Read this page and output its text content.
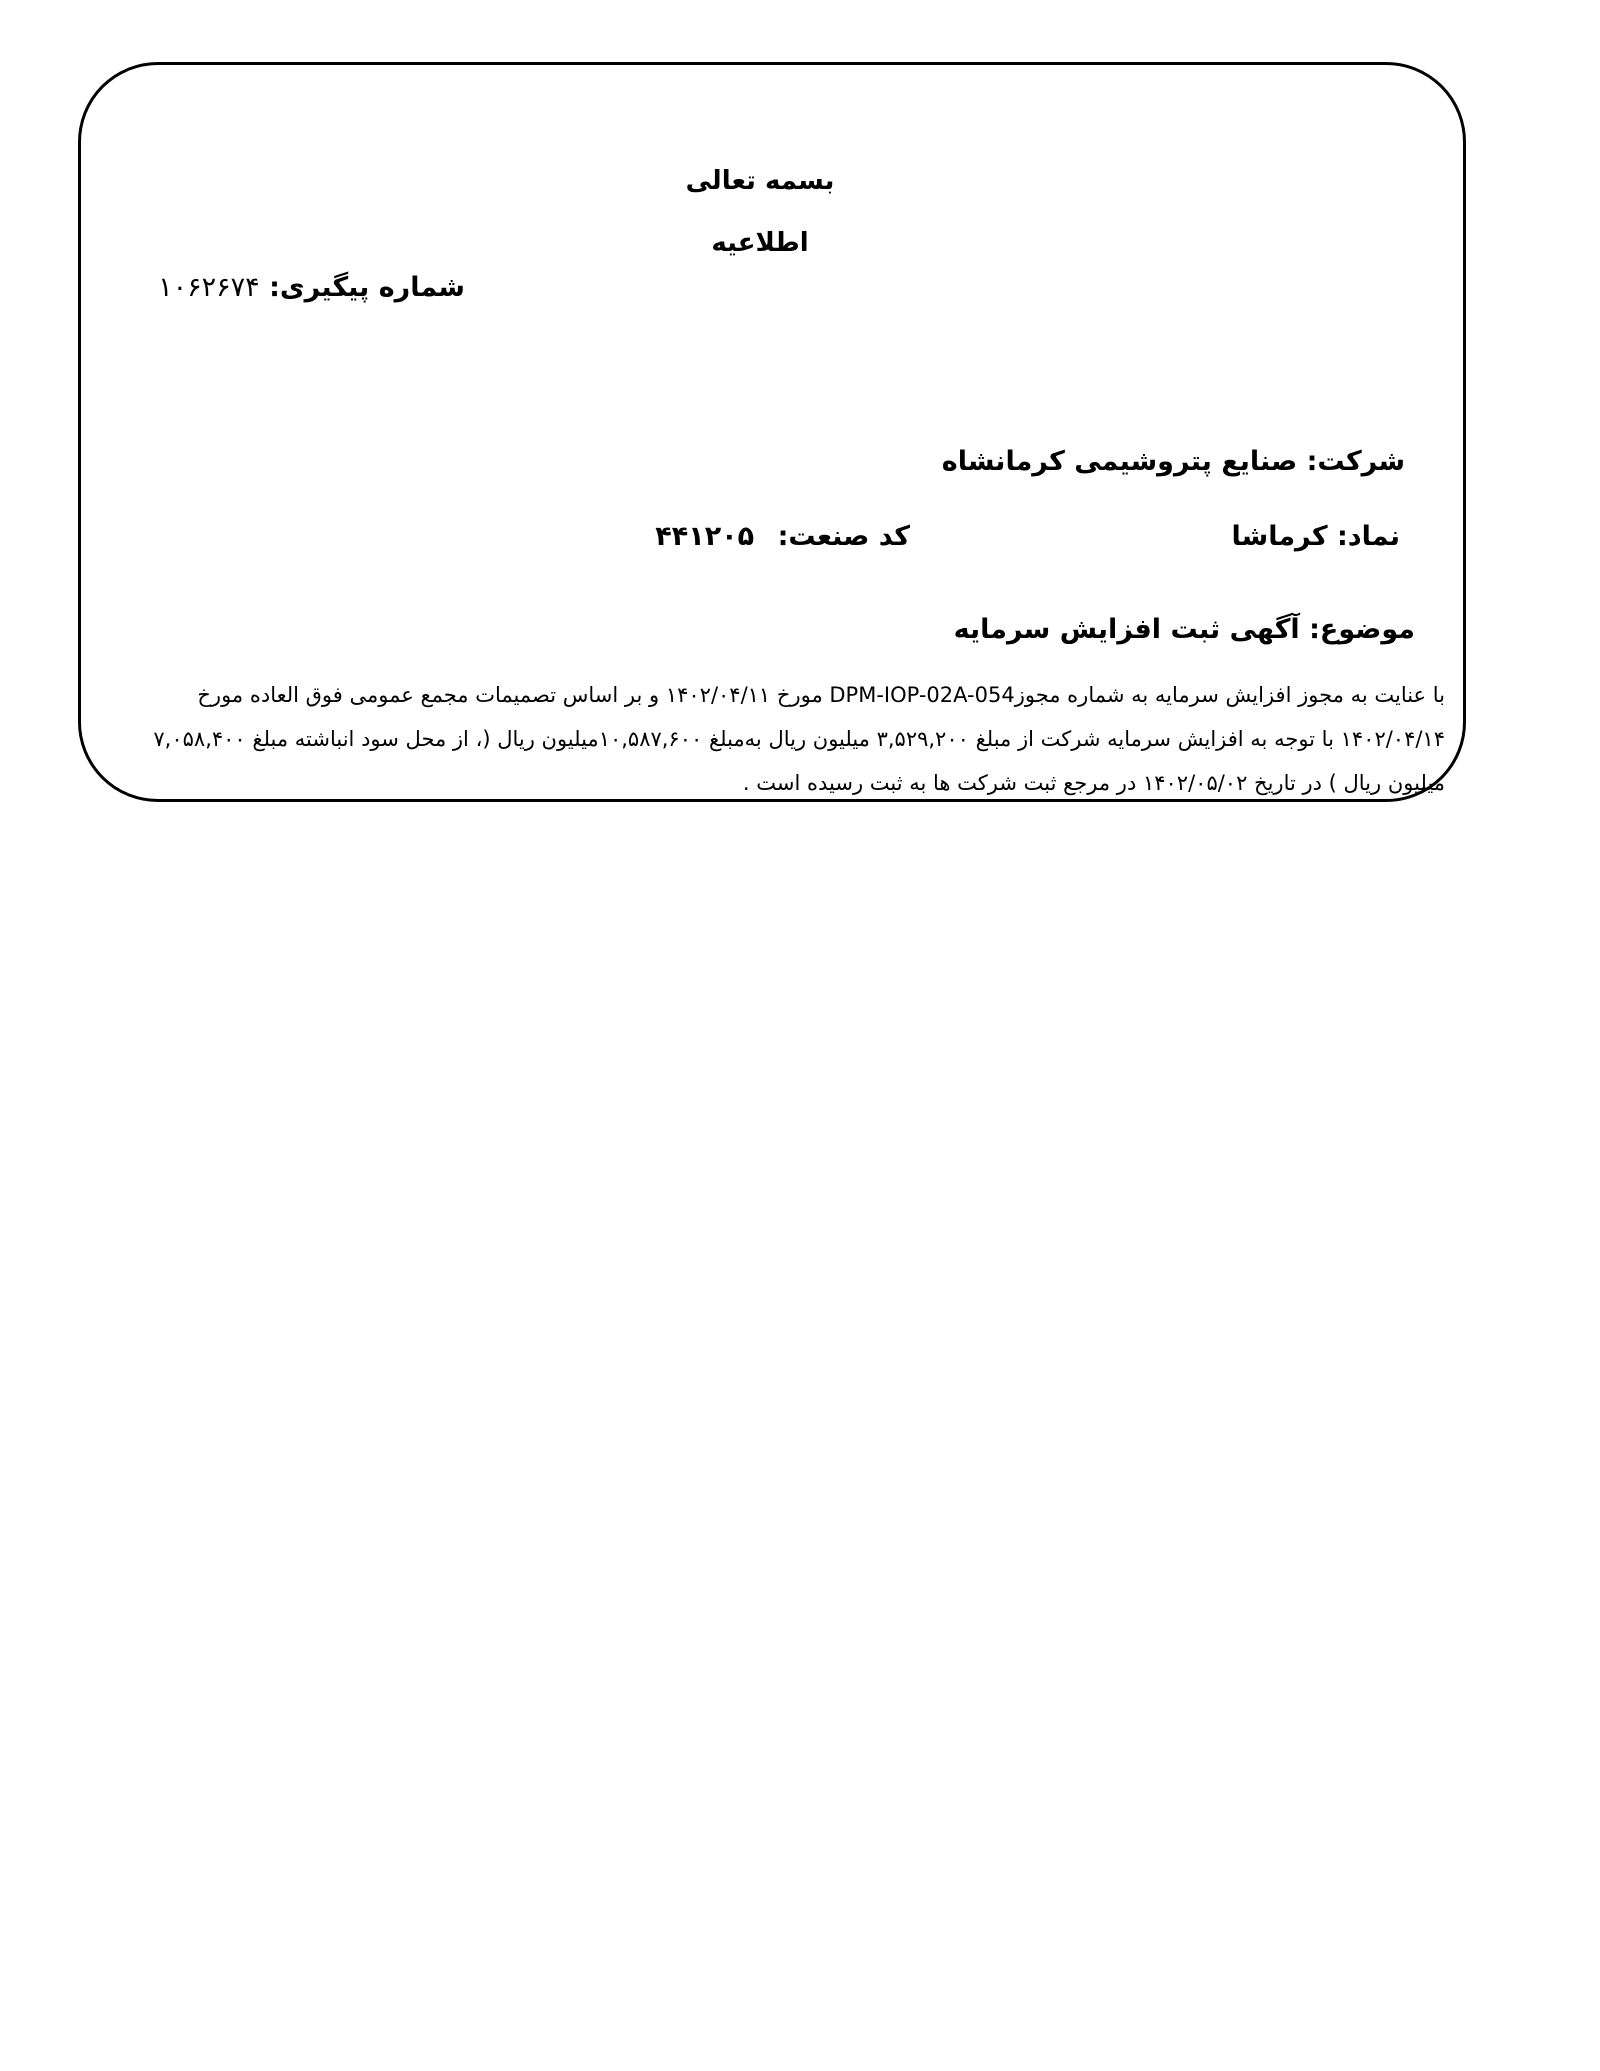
بسمه تعالی
اطلاعیه
شماره پیگیری: ۱۰۶۲۶۷۴
شرکت: صنایع پتروشیمی کرمانشاه
نماد: کرماشا
کد صنعت: ۴۴۱۲۰۵
موضوع: آگهی ثبت افزایش سرمایه
با عنایت به مجوز افزایش سرمایه به شماره مجوزDPM-IOP-02A-054 مورخ ۱۴۰۲/۰۴/۱۱ و بر اساس تصمیمات مجمع عمومی فوق العاده مورخ
۱۴۰۲/۰۴/۱۴ با توجه به افزایش سرمایه شرکت از مبلغ ۳,۵۲۹,۲۰۰ میلیون ریال به‌مبلغ ۱۰,۵۸۷,۶۰۰میلیون ریال (، از محل سود انباشته مبلغ ۷,۰۵۸,۴۰۰
میلیون ریال ) در تاریخ ۱۴۰۲/۰۵/۰۲ در مرجع ثبت شرکت ها به ثبت رسیده است .
